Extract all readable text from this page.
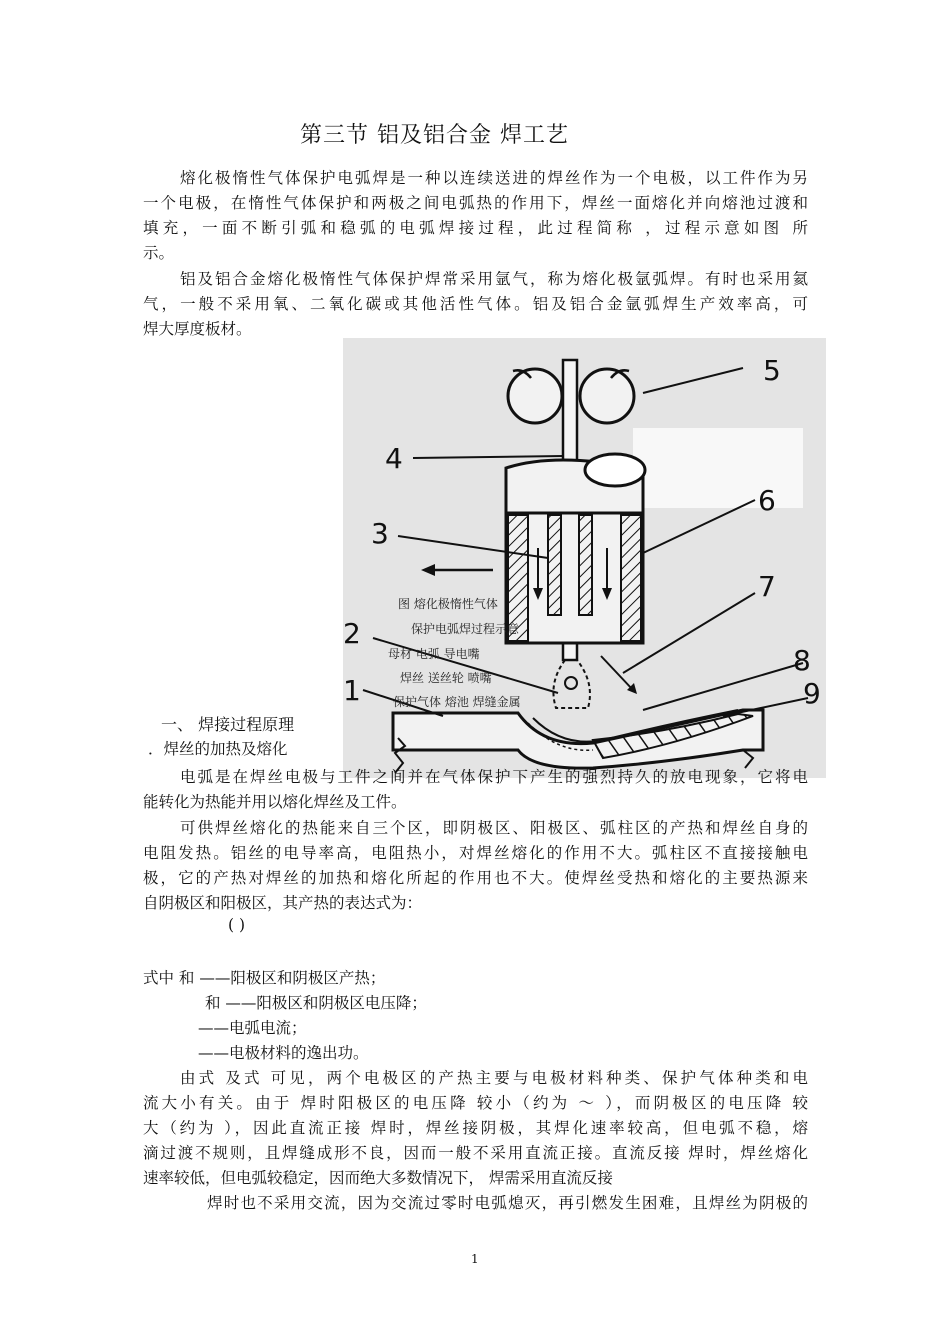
第三节 铝及铝合金 焊工艺
熔化极惰性气体保护电弧焊是一种以连续送进的焊丝作为一个电极，以工件作为另
一个电极，在惰性气体保护和两极之间电弧热的作用下，焊丝一面熔化并向熔池过渡和
填充，一面不断引弧和稳弧的电弧焊接过程，此过程简称 ，过程示意如图 所
示。
铝及铝合金熔化极惰性气体保护焊常采用氩气，称为熔化极氩弧焊。有时也采用氦
气，一般不采用氧、二氧化碳或其他活性气体。铝及铝合金氩弧焊生产效率高，可
焊大厚度板材。
5
4
3
6
7
2
8
1	9
图 熔化极惰性气体
保护电弧焊过程示意
母材 电弧 导电嘴
焊丝 送丝轮 喷嘴
保护气体 熔池 焊缝金属
一、 焊接过程原理
．焊丝的加热及熔化
电弧是在焊丝电极与工件之间并在气体保护下产生的强烈持久的放电现象，它将电
能转化为热能并用以熔化焊丝及工件。
可供焊丝熔化的热能来自三个区，即阴极区、阳极区、弧柱区的产热和焊丝自身的
电阻发热。铝丝的电导率高，电阻热小，对焊丝熔化的作用不大。弧柱区不直接接触电
极，它的产热对焊丝的加热和熔化所起的作用也不大。使焊丝受热和熔化的主要热源来
自阴极区和阳极区，其产热的表达式为：
( )
式中 和 ——阳极区和阴极区产热；
和 ——阳极区和阴极区电压降；
——电弧电流；
——电极材料的逸出功。
由式 及式 可见，两个电极区的产热主要与电极材料种类、保护气体种类和电
流大小有关。由于 焊时阳极区的电压降 较小（约为 ～ ），而阴极区的电压降 较
大（约为 ），因此直流正接 焊时，焊丝接阴极，其焊化速率较高，但电弧不稳，熔
滴过渡不规则，且焊缝成形不良，因而一般不采用直流正接。直流反接 焊时，焊丝熔化
速率较低，但电弧较稳定，因而绝大多数情况下， 焊需采用直流反接
焊时也不采用交流，因为交流过零时电弧熄灭，再引燃发生困难，且焊丝为阴极的
1
